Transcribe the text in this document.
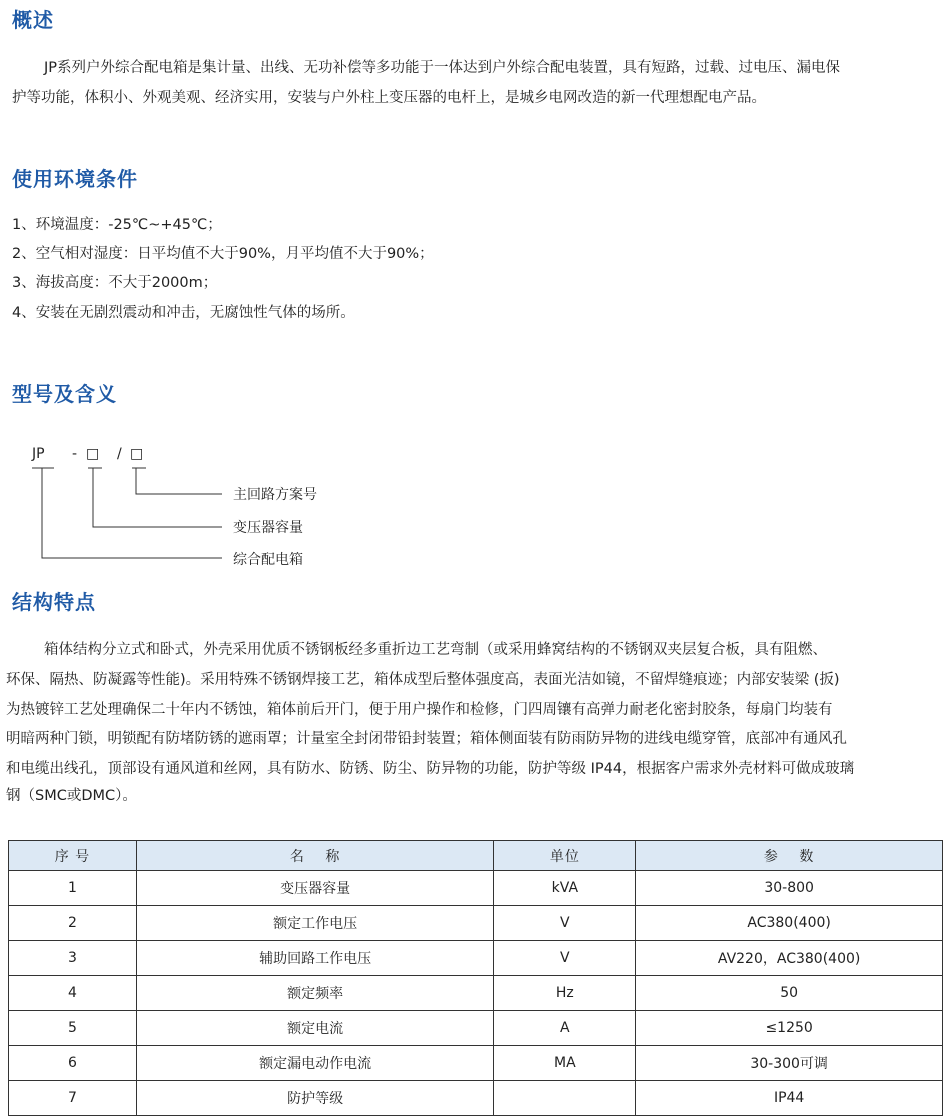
概述
JP系列户外综合配电箱是集计量、出线、无功补偿等多功能于一体达到户外综合配电装置，具有短路，过载、过电压、漏电保
护等功能，体积小、外观美观、经济实用，安装与户外柱上变压器的电杆上，是城乡电网改造的新一代理想配电产品。
使用环境条件
1、环境温度：-25℃~+45℃；
2、空气相对湿度：日平均值不大于90%，月平均值不大于90%；
3、海拔高度：不大于2000m；
4、安装在无剧烈震动和冲击，无腐蚀性气体的场所。
型号及含义
JP - □ / □
主回路方案号
变压器容量
综合配电箱
结构特点
箱体结构分立式和卧式，外壳采用优质不锈钢板经多重折边工艺弯制（或采用蜂窝结构的不锈钢双夹层复合板，具有阻燃、
环保、隔热、防凝露等性能)。采用特殊不锈钢焊接工艺，箱体成型后整体强度高，表面光洁如镜，不留焊缝痕迹；内部安装梁 (扳)
为热镀锌工艺处理确保二十年内不锈蚀，箱体前后开门，便于用户操作和检修，门四周镶有高弹力耐老化密封胶条，每扇门均装有
明暗两种门锁，明锁配有防堵防锈的遮雨罩；计量室全封闭带铅封装置；箱体侧面装有防雨防异物的进线电缆穿管，底部冲有通风孔
和电缆出线孔，顶部设有通风道和丝网，具有防水、防锈、防尘、防异物的功能，防护等级 IP44，根据客户需求外壳材料可做成玻璃
钢（SMC或DMC）。
序 号	名　 称	单位	参　 数
1	变压器容量	kVA	30-800
2	额定工作电压	V	AC380(400)
3	辅助回路工作电压	V	AV220，AC380(400)
4	额定频率	Hz	50
5	额定电流	A	≤1250
6	额定漏电动作电流	MA	30-300可调
7	防护等级		IP44
